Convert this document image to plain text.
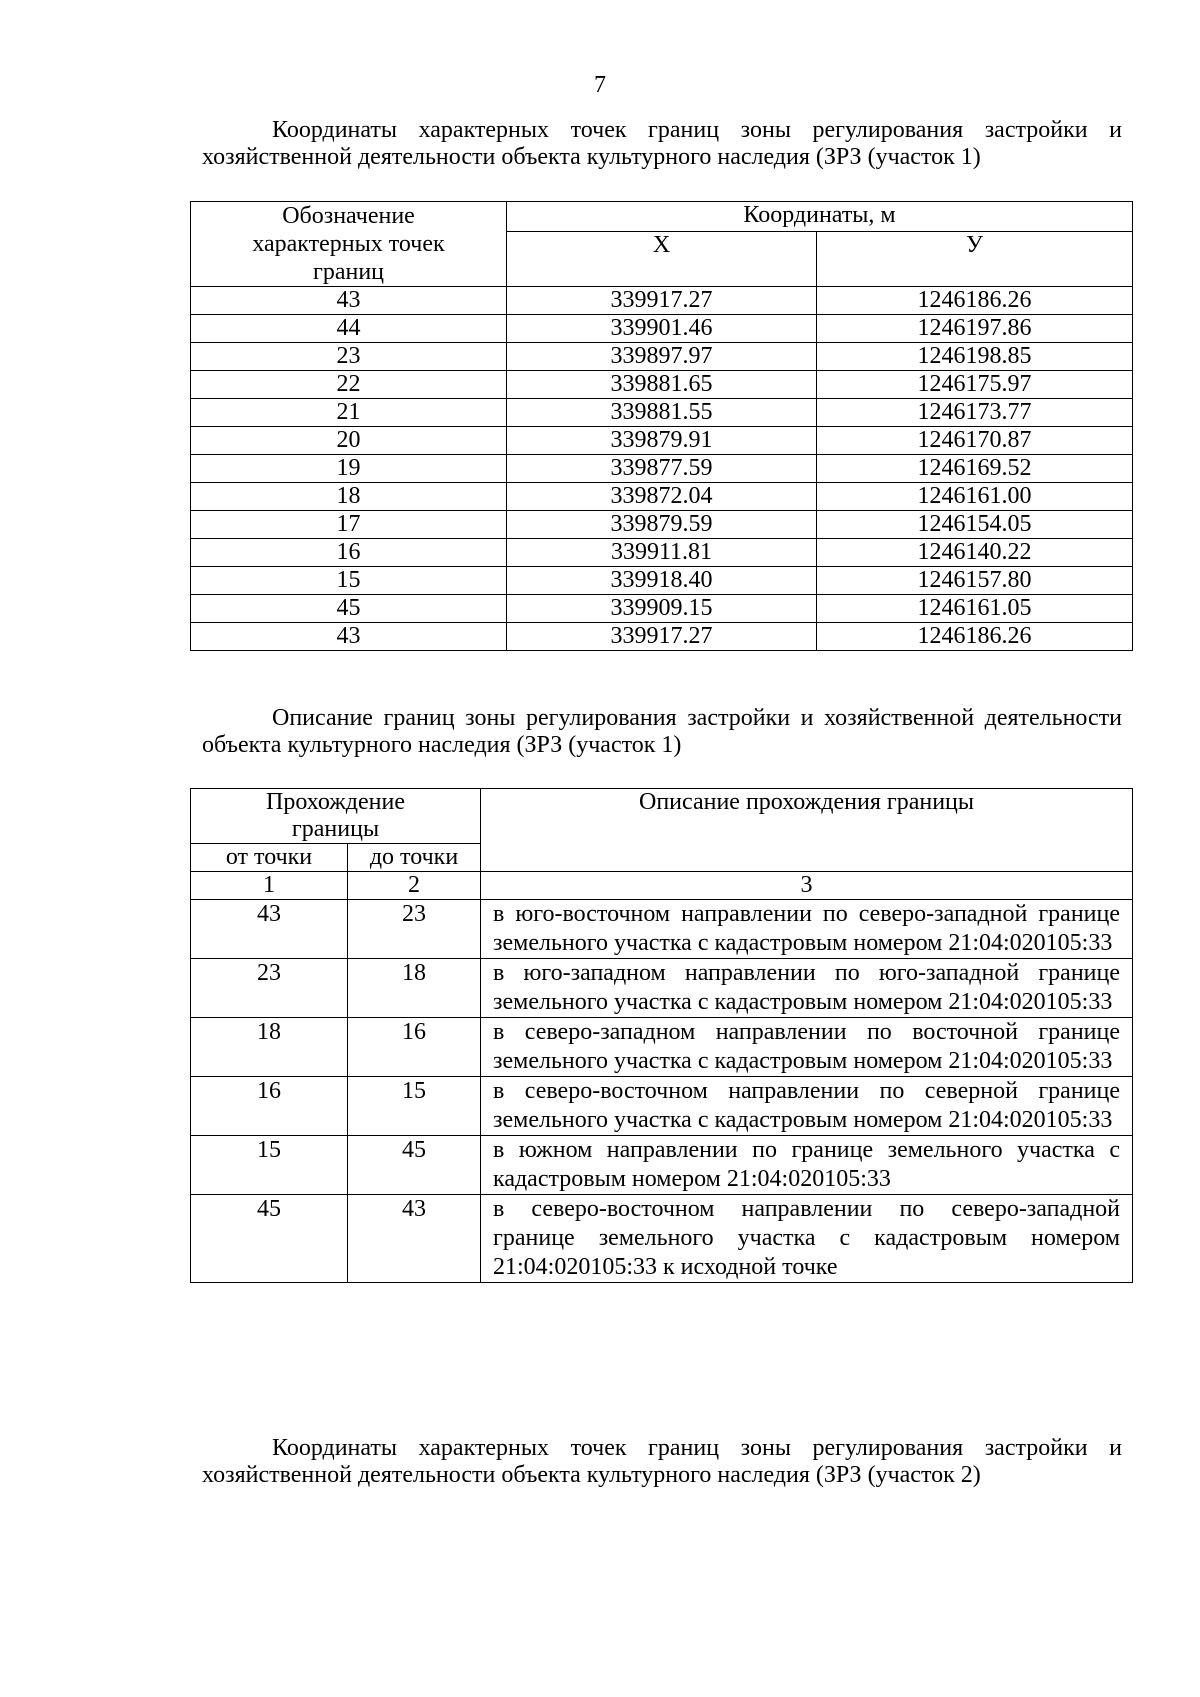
7

Координаты характерных точек границ зоны регулирования застройки и хозяйственной деятельности объекта культурного наследия (ЗРЗ (участок 1)

Обозначение характерных точек границ	Координаты, м	
	X	У
43	339917.27	1246186.26
44	339901.46	1246197.86
23	339897.97	1246198.85
22	339881.65	1246175.97
21	339881.55	1246173.77
20	339879.91	1246170.87
19	339877.59	1246169.52
18	339872.04	1246161.00
17	339879.59	1246154.05
16	339911.81	1246140.22
15	339918.40	1246157.80
45	339909.15	1246161.05
43	339917.27	1246186.26

Описание границ зоны регулирования застройки и хозяйственной деятельности объекта культурного наследия (ЗРЗ (участок 1)

Прохождение границы		Описание прохождения границы
от точки	до точки	
1	2	3
43	23	в юго-восточном направлении по северо-западной границе земельного участка с кадастровым номером 21:04:020105:33
23	18	в юго-западном направлении по юго-западной границе земельного участка с кадастровым номером 21:04:020105:33
18	16	в северо-западном направлении по восточной границе земельного участка с кадастровым номером 21:04:020105:33
16	15	в северо-восточном направлении по северной границе земельного участка с кадастровым номером 21:04:020105:33
15	45	в южном направлении по границе земельного участка с кадастровым номером 21:04:020105:33
45	43	в северо-восточном направлении по северо-западной границе земельного участка с кадастровым номером 21:04:020105:33 к исходной точке

Координаты характерных точек границ зоны регулирования застройки и хозяйственной деятельности объекта культурного наследия (ЗРЗ (участок 2)
